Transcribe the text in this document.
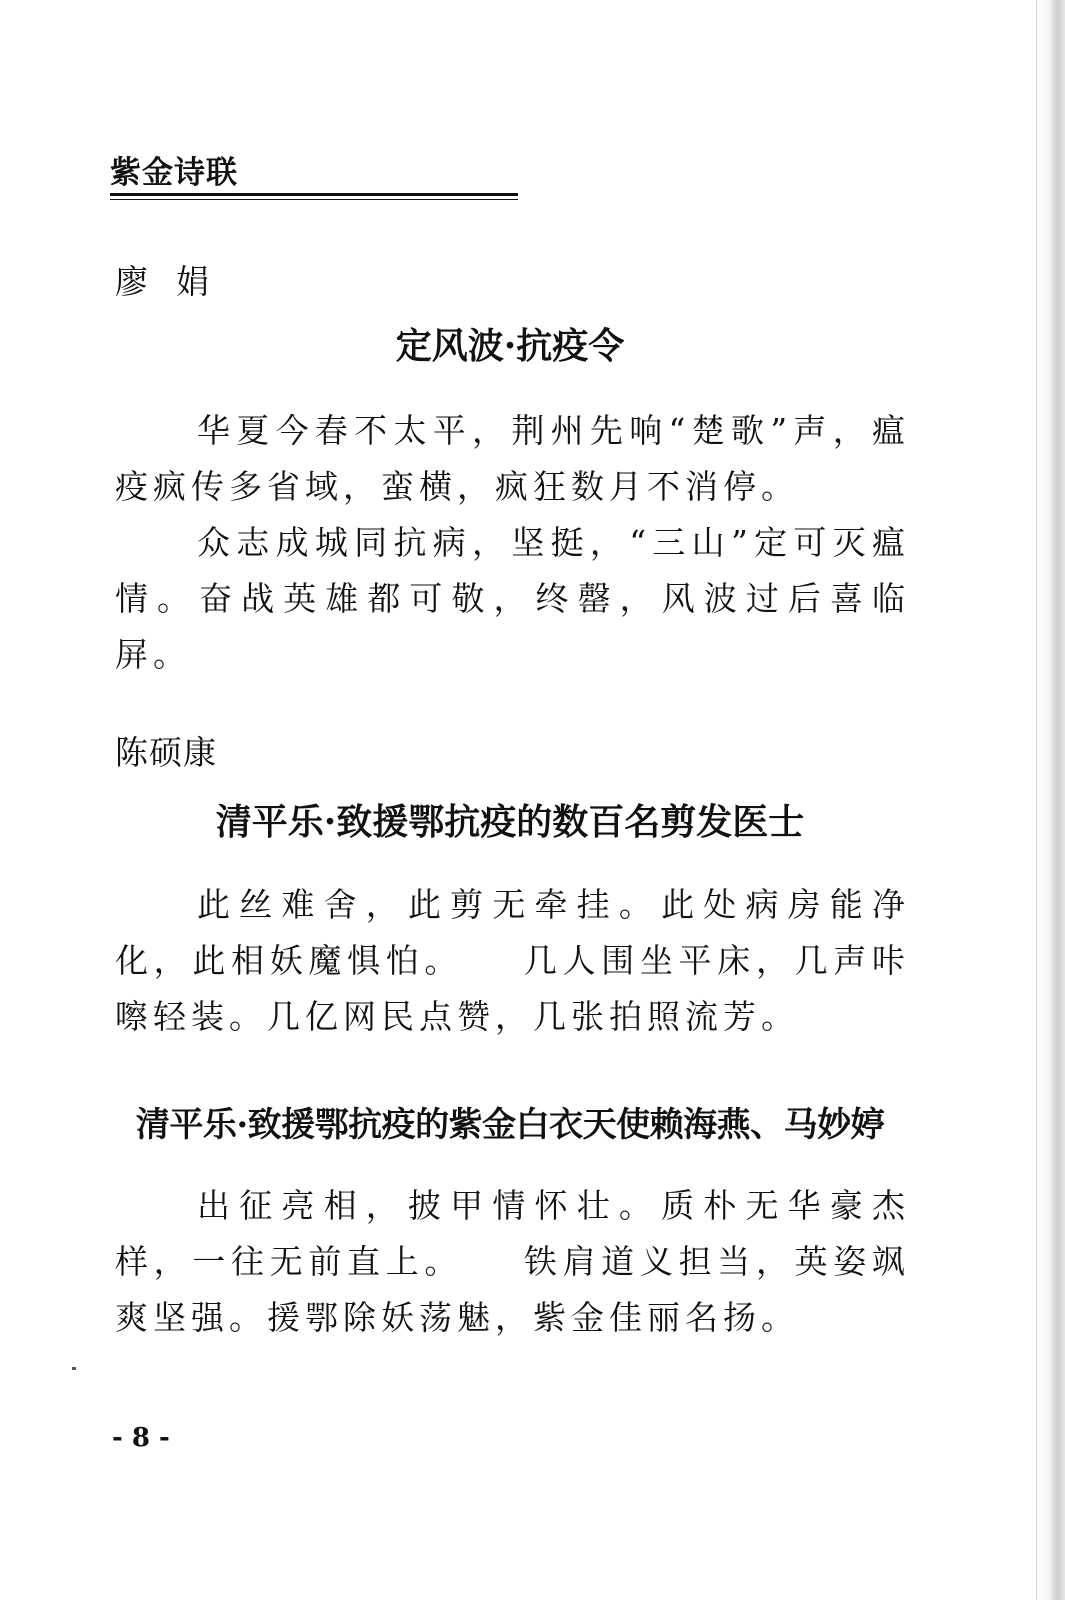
紫金诗联
廖娟
定风波·抗疫令

华夏今春不太平，荆州先响“楚歌”声，瘟疫疯传多省域，蛮横，疯狂数月不消停。

众志成城同抗病，坚挺，“三山”定可灭瘟情。奋战英雄都可敬，终罄，风波过后喜临屏。

陈硕康
清平乐·致援鄂抗疫的数百名剪发医士

此丝难舍，此剪无牵挂。此处病房能净化，此相妖魔惧怕。　　几人围坐平床，几声咔嚓轻装。几亿网民点赞，几张拍照流芳。

清平乐·致援鄂抗疫的紫金白衣天使赖海燕、马妙婷

出征亮相，披甲情怀壮。质朴无华豪杰样，一往无前直上。　　铁肩道义担当，英姿飒爽坚强。援鄂除妖荡魅，紫金佳丽名扬。

- 8 -
